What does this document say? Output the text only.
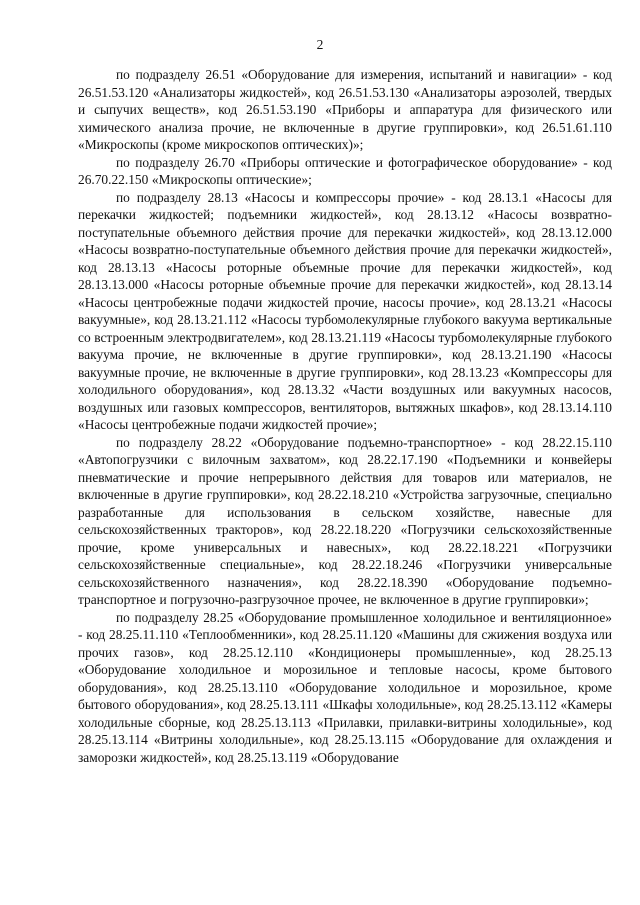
2

по подразделу 26.51 «Оборудование для измерения, испытаний и навигации» - код 26.51.53.120 «Анализаторы жидкостей», код 26.51.53.130 «Анализаторы аэрозолей, твердых и сыпучих веществ», код 26.51.53.190 «Приборы и аппаратура для физического или химического анализа прочие, не включенные в другие группировки», код 26.51.61.110 «Микроскопы (кроме микроскопов оптических)»;

по подразделу 26.70 «Приборы оптические и фотографическое оборудование» - код 26.70.22.150 «Микроскопы оптические»;

по подразделу 28.13 «Насосы и компрессоры прочие» - код 28.13.1 «Насосы для перекачки жидкостей; подъемники жидкостей», код 28.13.12 «Насосы возвратно-поступательные объемного действия прочие для перекачки жидкостей», код 28.13.12.000 «Насосы возвратно-поступательные объемного действия прочие для перекачки жидкостей», код 28.13.13 «Насосы роторные объемные прочие для перекачки жидкостей», код 28.13.13.000 «Насосы роторные объемные прочие для перекачки жидкостей», код 28.13.14 «Насосы центробежные подачи жидкостей прочие, насосы прочие», код 28.13.21 «Насосы вакуумные», код 28.13.21.112 «Насосы турбомолекулярные глубокого вакуума вертикальные со встроенным электродвигателем», код 28.13.21.119 «Насосы турбомолекулярные глубокого вакуума прочие, не включенные в другие группировки», код 28.13.21.190 «Насосы вакуумные прочие, не включенные в другие группировки», код 28.13.23 «Компрессоры для холодильного оборудования», код 28.13.32 «Части воздушных или вакуумных насосов, воздушных или газовых компрессоров, вентиляторов, вытяжных шкафов», код 28.13.14.110 «Насосы центробежные подачи жидкостей прочие»;

по подразделу 28.22 «Оборудование подъемно-транспортное» - код 28.22.15.110 «Автопогрузчики с вилочным захватом», код 28.22.17.190 «Подъемники и конвейеры пневматические и прочие непрерывного действия для товаров или материалов, не включенные в другие группировки», код 28.22.18.210 «Устройства загрузочные, специально разработанные для использования в сельском хозяйстве, навесные для сельскохозяйственных тракторов», код 28.22.18.220 «Погрузчики сельскохозяйственные прочие, кроме универсальных и навесных», код 28.22.18.221 «Погрузчики сельскохозяйственные специальные», код 28.22.18.246 «Погрузчики универсальные сельскохозяйственного назначения», код 28.22.18.390 «Оборудование подъемно-транспортное и погрузочно-разгрузочное прочее, не включенное в другие группировки»;

по подразделу 28.25 «Оборудование промышленное холодильное и вентиляционное» - код 28.25.11.110 «Теплообменники», код 28.25.11.120 «Машины для сжижения воздуха или прочих газов», код 28.25.12.110 «Кондиционеры промышленные», код 28.25.13 «Оборудование холодильное и морозильное и тепловые насосы, кроме бытового оборудования», код 28.25.13.110 «Оборудование холодильное и морозильное, кроме бытового оборудования», код 28.25.13.111 «Шкафы холодильные», код 28.25.13.112 «Камеры холодильные сборные, код 28.25.13.113 «Прилавки, прилавки-витрины холодильные», код 28.25.13.114 «Витрины холодильные», код 28.25.13.115 «Оборудование для охлаждения и заморозки жидкостей», код 28.25.13.119 «Оборудование
